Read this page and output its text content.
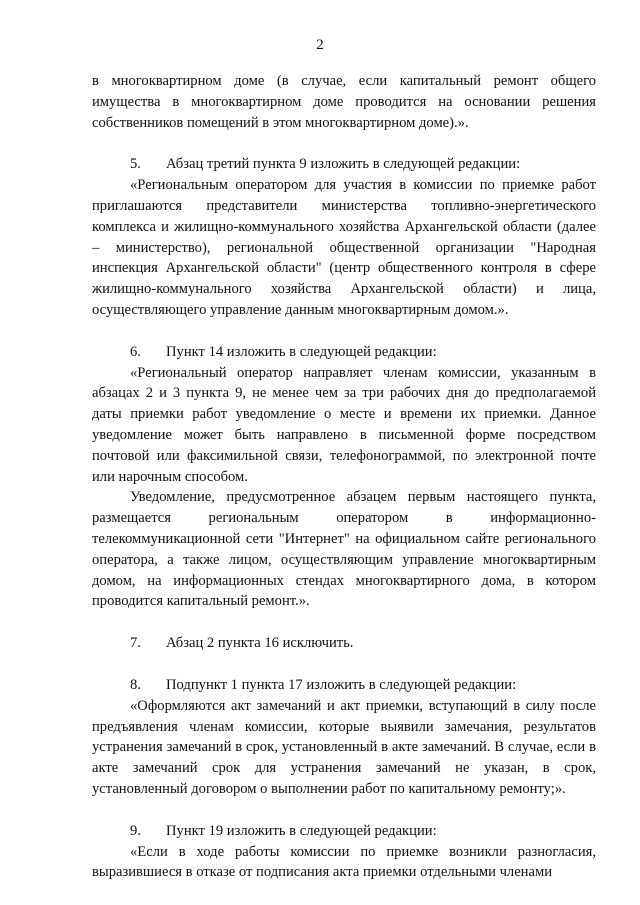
2

в многоквартирном доме (в случае, если капитальный ремонт общего имущества в многоквартирном доме проводится на основании решения собственников помещений в этом многоквартирном доме).».

5. Абзац третий пункта 9 изложить в следующей редакции:

«Региональным оператором для участия в комиссии по приемке работ приглашаются представители министерства топливно-энергетического комплекса и жилищно-коммунального хозяйства Архангельской области (далее – министерство), региональной общественной организации "Народная инспекция Архангельской области" (центр общественного контроля в сфере жилищно-коммунального хозяйства Архангельской области) и лица, осуществляющего управление данным многоквартирным домом.».

6. Пункт 14 изложить в следующей редакции:

«Региональный оператор направляет членам комиссии, указанным в абзацах 2 и 3 пункта 9, не менее чем за три рабочих дня до предполагаемой даты приемки работ уведомление о месте и времени их приемки. Данное уведомление может быть направлено в письменной форме посредством почтовой или факсимильной связи, телефонограммой, по электронной почте или нарочным способом.

Уведомление, предусмотренное абзацем первым настоящего пункта, размещается региональным оператором в информационно-телекоммуникационной сети "Интернет" на официальном сайте регионального оператора, а также лицом, осуществляющим управление многоквартирным домом, на информационных стендах многоквартирного дома, в котором проводится капитальный ремонт.».

7. Абзац 2 пункта 16 исключить.

8. Подпункт 1 пункта 17 изложить в следующей редакции:

«Оформляются акт замечаний и акт приемки, вступающий в силу после предъявления членам комиссии, которые выявили замечания, результатов устранения замечаний в срок, установленный в акте замечаний. В случае, если в акте замечаний срок для устранения замечаний не указан, в срок, установленный договором о выполнении работ по капитальному ремонту;».

9. Пункт 19 изложить в следующей редакции:

«Если в ходе работы комиссии по приемке возникли разногласия, выразившиеся в отказе от подписания акта приемки отдельными членами
